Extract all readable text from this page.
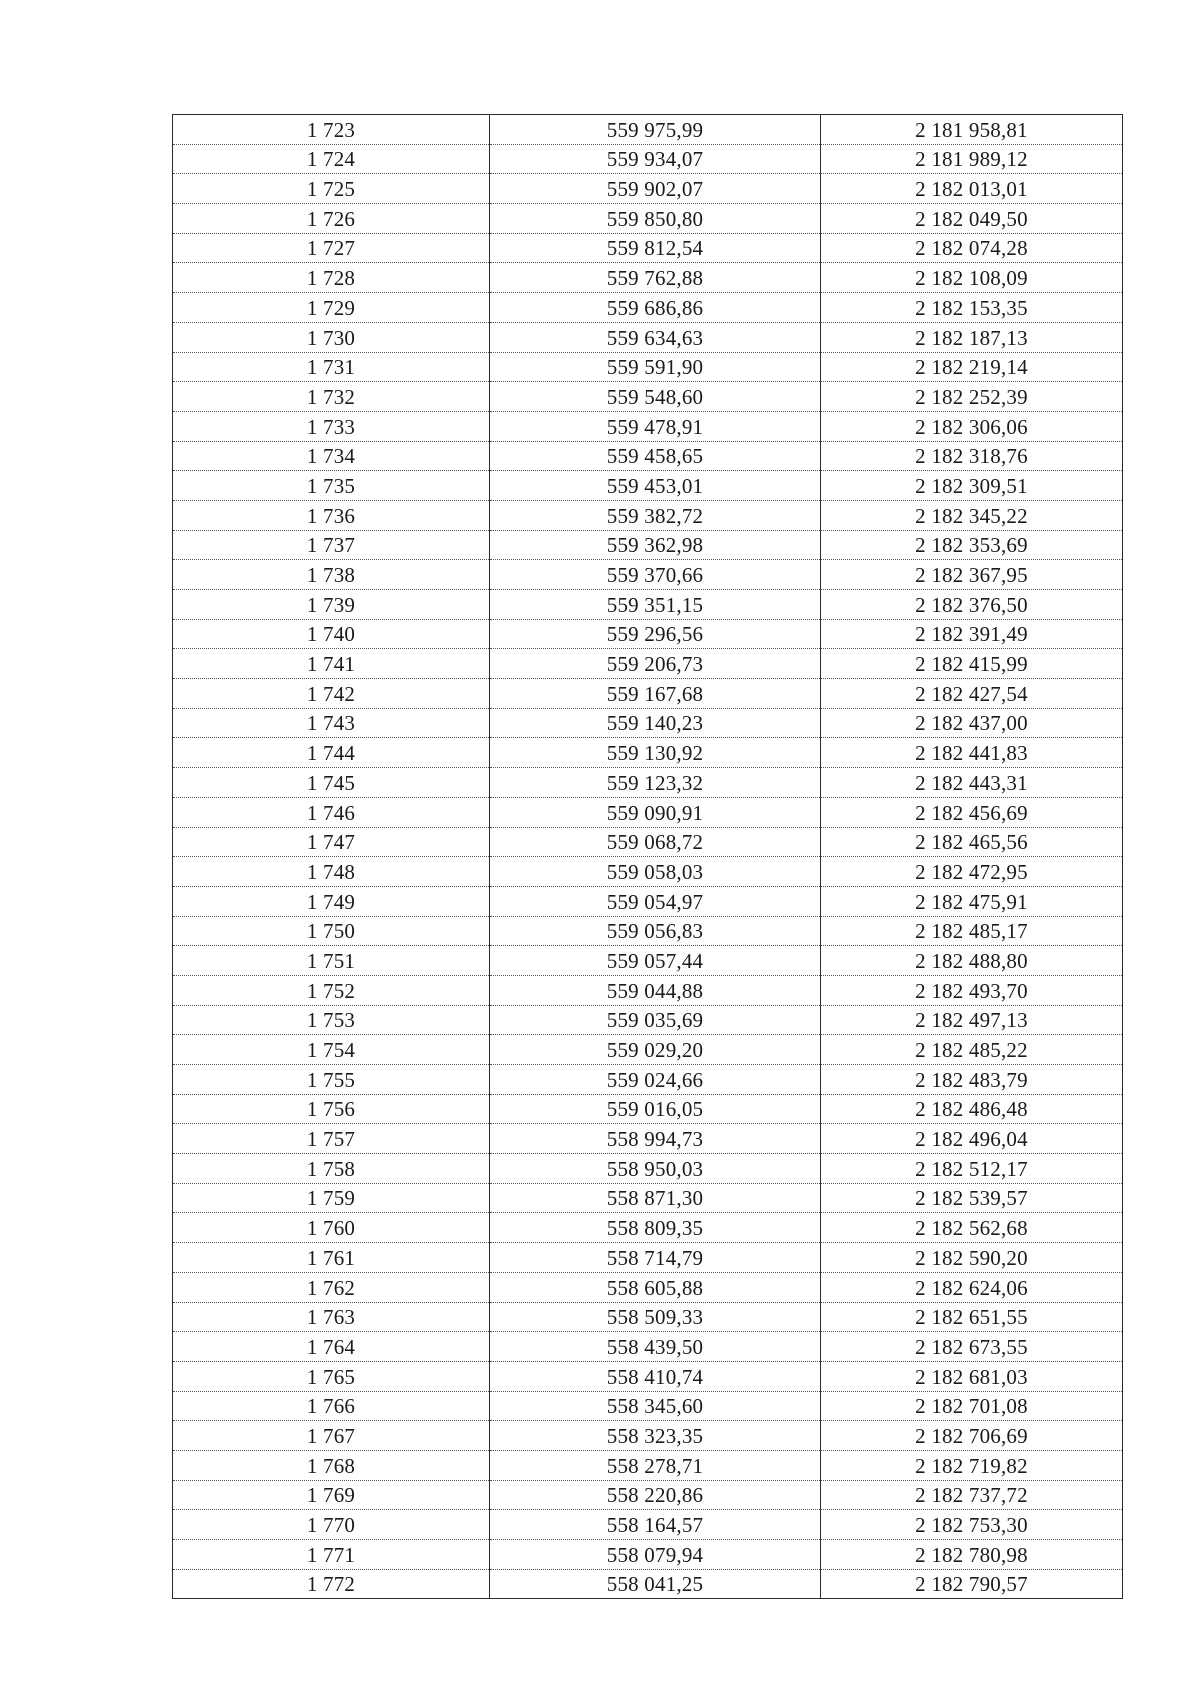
1 723	559 975,99	2 181 958,81
1 724	559 934,07	2 181 989,12
1 725	559 902,07	2 182 013,01
1 726	559 850,80	2 182 049,50
1 727	559 812,54	2 182 074,28
1 728	559 762,88	2 182 108,09
1 729	559 686,86	2 182 153,35
1 730	559 634,63	2 182 187,13
1 731	559 591,90	2 182 219,14
1 732	559 548,60	2 182 252,39
1 733	559 478,91	2 182 306,06
1 734	559 458,65	2 182 318,76
1 735	559 453,01	2 182 309,51
1 736	559 382,72	2 182 345,22
1 737	559 362,98	2 182 353,69
1 738	559 370,66	2 182 367,95
1 739	559 351,15	2 182 376,50
1 740	559 296,56	2 182 391,49
1 741	559 206,73	2 182 415,99
1 742	559 167,68	2 182 427,54
1 743	559 140,23	2 182 437,00
1 744	559 130,92	2 182 441,83
1 745	559 123,32	2 182 443,31
1 746	559 090,91	2 182 456,69
1 747	559 068,72	2 182 465,56
1 748	559 058,03	2 182 472,95
1 749	559 054,97	2 182 475,91
1 750	559 056,83	2 182 485,17
1 751	559 057,44	2 182 488,80
1 752	559 044,88	2 182 493,70
1 753	559 035,69	2 182 497,13
1 754	559 029,20	2 182 485,22
1 755	559 024,66	2 182 483,79
1 756	559 016,05	2 182 486,48
1 757	558 994,73	2 182 496,04
1 758	558 950,03	2 182 512,17
1 759	558 871,30	2 182 539,57
1 760	558 809,35	2 182 562,68
1 761	558 714,79	2 182 590,20
1 762	558 605,88	2 182 624,06
1 763	558 509,33	2 182 651,55
1 764	558 439,50	2 182 673,55
1 765	558 410,74	2 182 681,03
1 766	558 345,60	2 182 701,08
1 767	558 323,35	2 182 706,69
1 768	558 278,71	2 182 719,82
1 769	558 220,86	2 182 737,72
1 770	558 164,57	2 182 753,30
1 771	558 079,94	2 182 780,98
1 772	558 041,25	2 182 790,57
